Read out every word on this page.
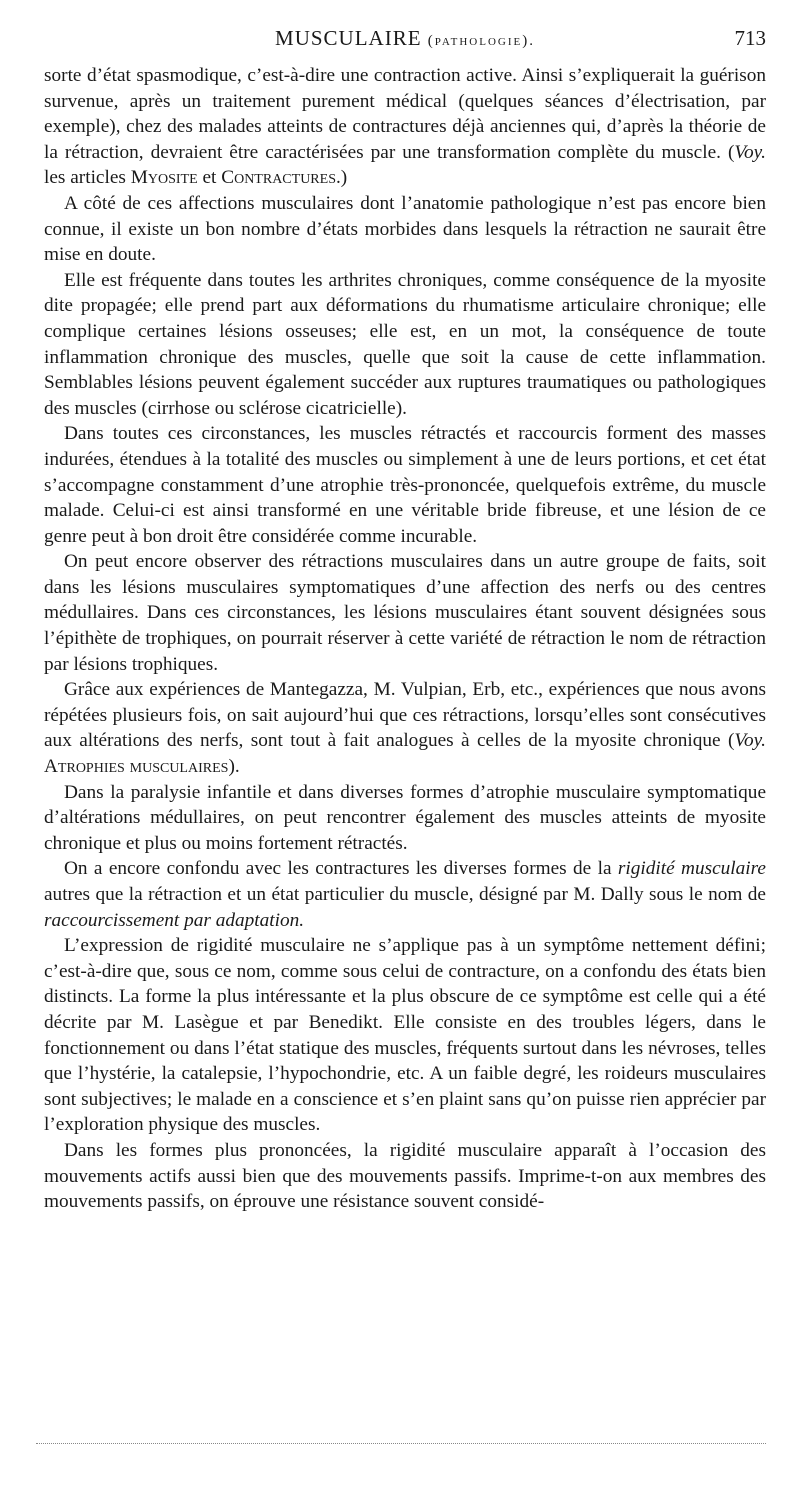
MUSCULAIRE (pathologie).	713

sorte d’état spasmodique, c’est-à-dire une contraction active. Ainsi s’expliquerait la guérison survenue, après un traitement purement médical (quelques séances d’électrisation, par exemple), chez des malades atteints de contractures déjà anciennes qui, d’après la théorie de la rétraction, devraient être caractérisées par une transformation complète du muscle. (Voy. les articles Myosite et Contractures.)

A côté de ces affections musculaires dont l’anatomie pathologique n’est pas encore bien connue, il existe un bon nombre d’états morbides dans lesquels la rétraction ne saurait être mise en doute.

Elle est fréquente dans toutes les arthrites chroniques, comme conséquence de la myosite dite propagée; elle prend part aux déformations du rhumatisme articulaire chronique; elle complique certaines lésions osseuses; elle est, en un mot, la conséquence de toute inflammation chronique des muscles, quelle que soit la cause de cette inflammation. Semblables lésions peuvent également succéder aux ruptures traumatiques ou pathologiques des muscles (cirrhose ou sclérose cicatricielle).

Dans toutes ces circonstances, les muscles rétractés et raccourcis forment des masses indurées, étendues à la totalité des muscles ou simplement à une de leurs portions, et cet état s’accompagne constamment d’une atrophie très-prononcée, quelquefois extrême, du muscle malade. Celui-ci est ainsi transformé en une véritable bride fibreuse, et une lésion de ce genre peut à bon droit être considérée comme incurable.

On peut encore observer des rétractions musculaires dans un autre groupe de faits, soit dans les lésions musculaires symptomatiques d’une affection des nerfs ou des centres médullaires. Dans ces circonstances, les lésions musculaires étant souvent désignées sous l’épithète de trophiques, on pourrait réserver à cette variété de rétraction le nom de rétraction par lésions trophiques.

Grâce aux expériences de Mantegazza, M. Vulpian, Erb, etc., expériences que nous avons répétées plusieurs fois, on sait aujourd’hui que ces rétractions, lorsqu’elles sont consécutives aux altérations des nerfs, sont tout à fait analogues à celles de la myosite chronique (Voy. Atrophies musculaires).

Dans la paralysie infantile et dans diverses formes d’atrophie musculaire symptomatique d’altérations médullaires, on peut rencontrer également des muscles atteints de myosite chronique et plus ou moins fortement rétractés.

On a encore confondu avec les contractures les diverses formes de la rigidité musculaire autres que la rétraction et un état particulier du muscle, désigné par M. Dally sous le nom de raccourcissement par adaptation.

L’expression de rigidité musculaire ne s’applique pas à un symptôme nettement défini; c’est-à-dire que, sous ce nom, comme sous celui de contracture, on a confondu des états bien distincts. La forme la plus intéressante et la plus obscure de ce symptôme est celle qui a été décrite par M. Lasègue et par Benedikt. Elle consiste en des troubles légers, dans le fonctionnement ou dans l’état statique des muscles, fréquents surtout dans les névroses, telles que l’hystérie, la catalepsie, l’hypochondrie, etc. A un faible degré, les roideurs musculaires sont subjectives; le malade en a conscience et s’en plaint sans qu’on puisse rien apprécier par l’exploration physique des muscles.

Dans les formes plus prononcées, la rigidité musculaire apparaît à l’occasion des mouvements actifs aussi bien que des mouvements passifs. Imprime-t-on aux membres des mouvements passifs, on éprouve une résistance souvent considé-
